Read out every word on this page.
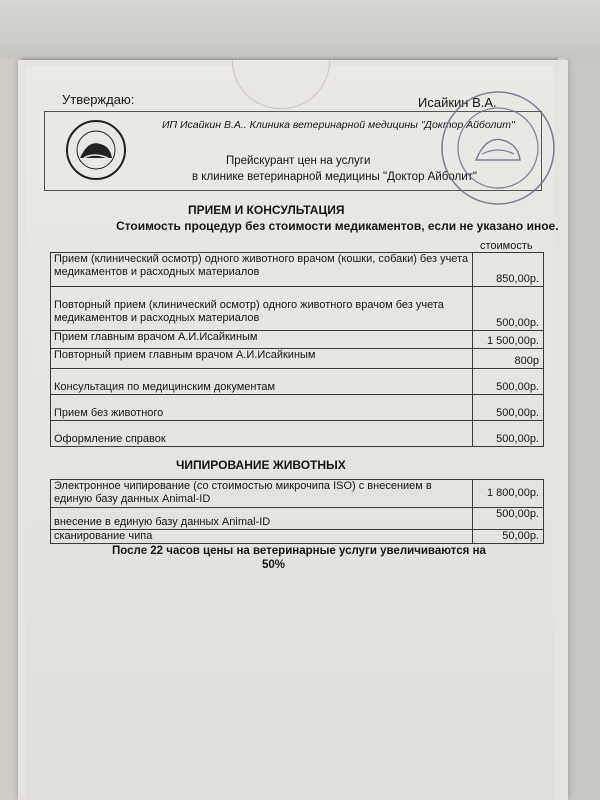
Утверждаю:	Исайкин В.А.
ИП Исайкин В.А.. Клиника ветеринарной медицины "Доктор Айболит"
Прейскурант цен на услуги
в клинике ветеринарной медицины "Доктор Айболит"
ПРИЕМ И КОНСУЛЬТАЦИЯ
Стоимость процедур без стоимости медикаментов, если не указано иное.
стоимость
Прием (клинический осмотр) одного животного врачом (кошки, собаки) без учета медикаментов и расходных материалов	850,00р.
Повторный прием (клинический осмотр) одного животного врачом без учета медикаментов и расходных материалов	500,00р.
Прием главным врачом А.И.Исайкиным	1 500,00р.
Повторный прием главным врачом А.И.Исайкиным	800р
Консультация по медицинским документам	500,00р.
Прием без животного	500,00р.
Оформление справок	500,00р.
ЧИПИРОВАНИЕ ЖИВОТНЫХ
Электронное чипирование (со стоимостью микрочипа ISO) с внесением в единую базу данных Animal-ID	1 800,00р.
внесение в единую базу данных Animal-ID	500,00р.
сканирование чипа	50,00р.
После 22 часов цены на ветеринарные услуги увеличиваются на
50%
